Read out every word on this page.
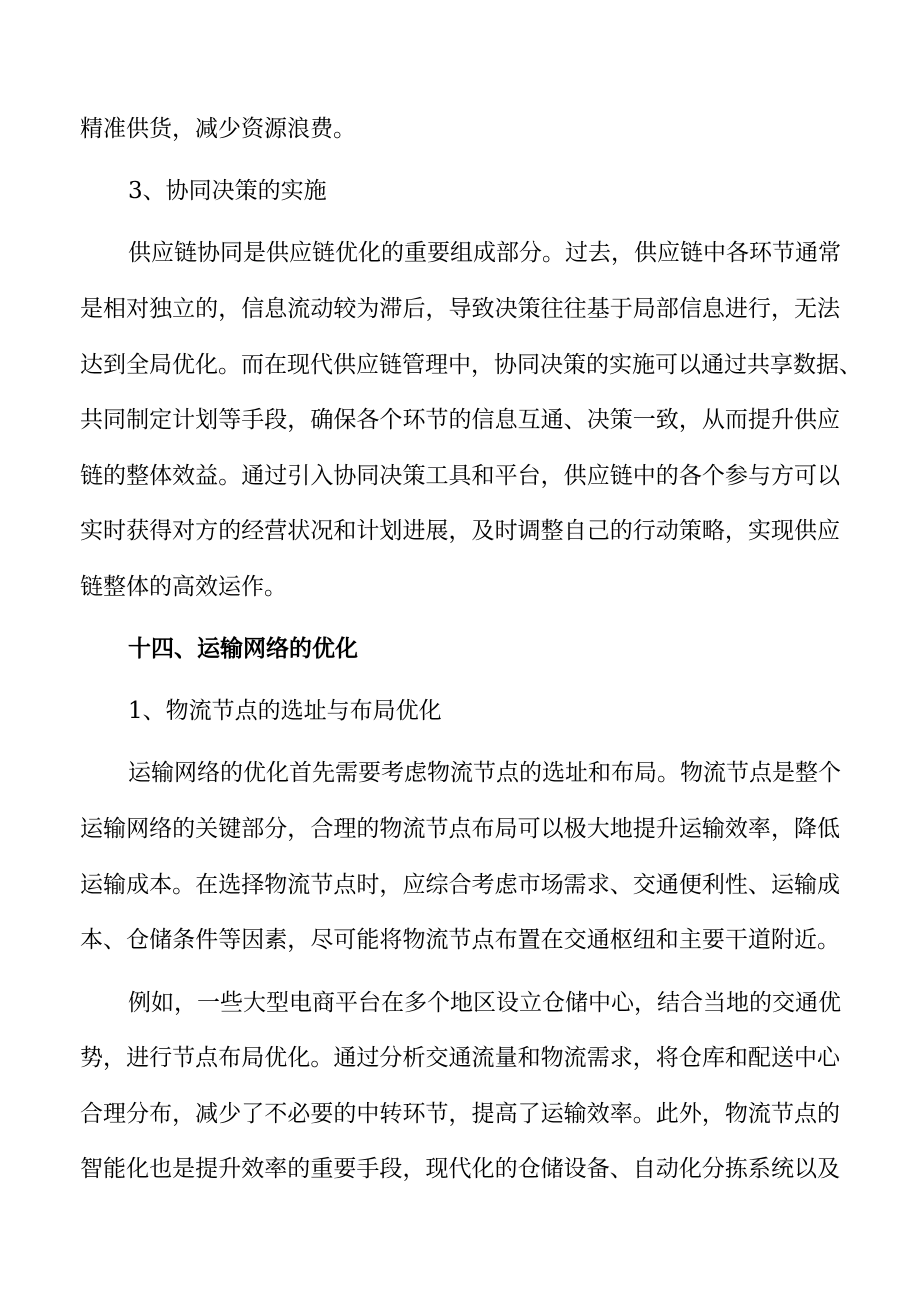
精准供货，减少资源浪费。
3、协同决策的实施
供应链协同是供应链优化的重要组成部分。过去，供应链中各环节通常
是相对独立的，信息流动较为滞后，导致决策往往基于局部信息进行，无法
达到全局优化。而在现代供应链管理中，协同决策的实施可以通过共享数据、
共同制定计划等手段，确保各个环节的信息互通、决策一致，从而提升供应
链的整体效益。通过引入协同决策工具和平台，供应链中的各个参与方可以
实时获得对方的经营状况和计划进展，及时调整自己的行动策略，实现供应
链整体的高效运作。
十四、运输网络的优化
1、物流节点的选址与布局优化
运输网络的优化首先需要考虑物流节点的选址和布局。物流节点是整个
运输网络的关键部分，合理的物流节点布局可以极大地提升运输效率，降低
运输成本。在选择物流节点时，应综合考虑市场需求、交通便利性、运输成
本、仓储条件等因素，尽可能将物流节点布置在交通枢纽和主要干道附近。
例如，一些大型电商平台在多个地区设立仓储中心，结合当地的交通优
势，进行节点布局优化。通过分析交通流量和物流需求，将仓库和配送中心
合理分布，减少了不必要的中转环节，提高了运输效率。此外，物流节点的
智能化也是提升效率的重要手段，现代化的仓储设备、自动化分拣系统以及
